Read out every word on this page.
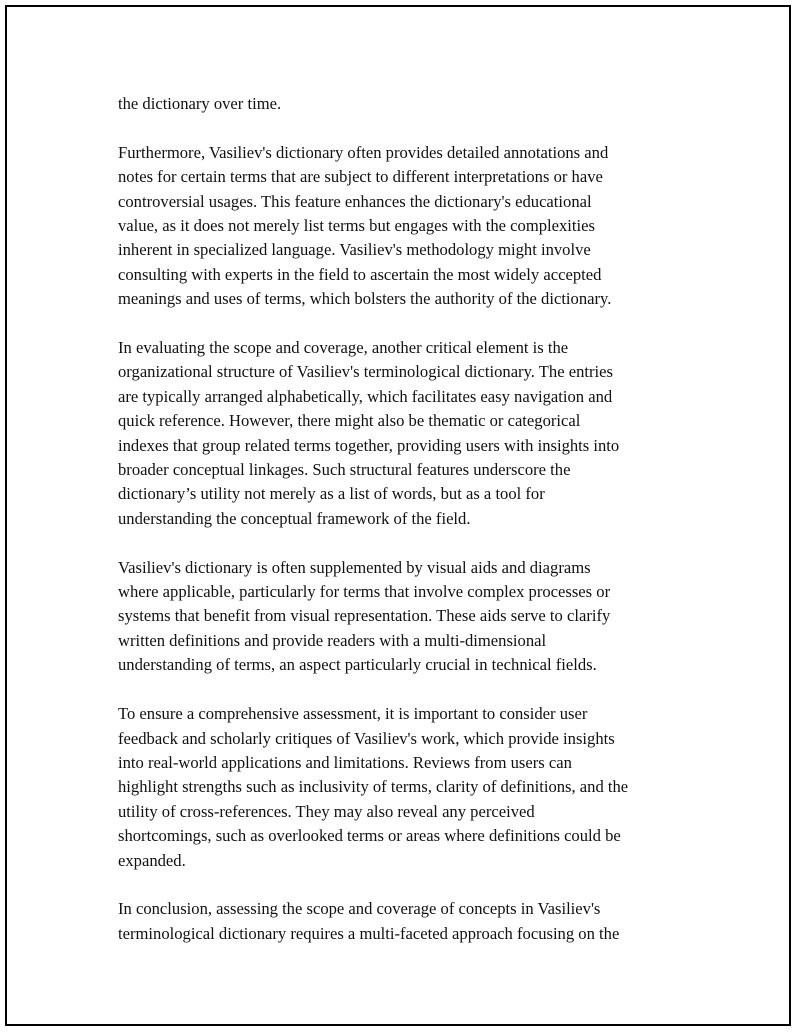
the dictionary over time.

Furthermore, Vasiliev's dictionary often provides detailed annotations and
notes for certain terms that are subject to different interpretations or have
controversial usages. This feature enhances the dictionary's educational
value, as it does not merely list terms but engages with the complexities
inherent in specialized language. Vasiliev's methodology might involve
consulting with experts in the field to ascertain the most widely accepted
meanings and uses of terms, which bolsters the authority of the dictionary.

In evaluating the scope and coverage, another critical element is the
organizational structure of Vasiliev's terminological dictionary. The entries
are typically arranged alphabetically, which facilitates easy navigation and
quick reference. However, there might also be thematic or categorical
indexes that group related terms together, providing users with insights into
broader conceptual linkages. Such structural features underscore the
dictionary’s utility not merely as a list of words, but as a tool for
understanding the conceptual framework of the field.

Vasiliev's dictionary is often supplemented by visual aids and diagrams
where applicable, particularly for terms that involve complex processes or
systems that benefit from visual representation. These aids serve to clarify
written definitions and provide readers with a multi-dimensional
understanding of terms, an aspect particularly crucial in technical fields.

To ensure a comprehensive assessment, it is important to consider user
feedback and scholarly critiques of Vasiliev's work, which provide insights
into real-world applications and limitations. Reviews from users can
highlight strengths such as inclusivity of terms, clarity of definitions, and the
utility of cross-references. They may also reveal any perceived
shortcomings, such as overlooked terms or areas where definitions could be
expanded.

In conclusion, assessing the scope and coverage of concepts in Vasiliev's
terminological dictionary requires a multi-faceted approach focusing on the
